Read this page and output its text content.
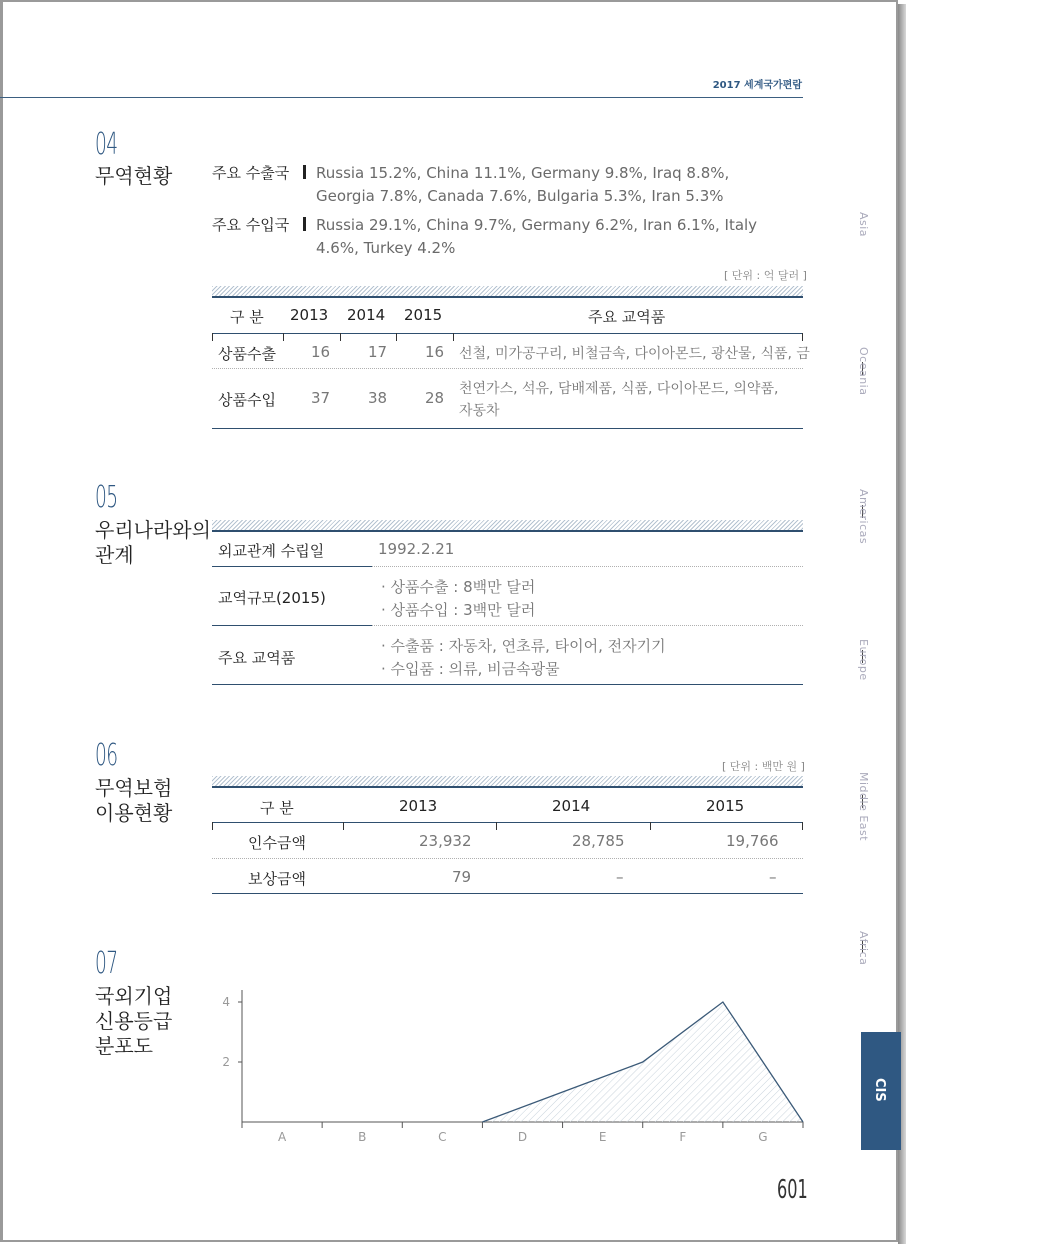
2017 세계국가편람
04
무역현황	주요 수출국	Russia 15.2%, China 11.1%, Germany 9.8%, Iraq 8.8%, Georgia 7.8%, Canada 7.6%, Bulgaria 5.3%, Iran 5.3%
주요 수입국	Russia 29.1%, China 9.7%, Germany 6.2%, Iran 6.1%, Italy 4.6%, Turkey 4.2%
[ 단위 : 억 달러 ]
구 분 2013 2014 2015	주요 교역품
상품수출 16	17	16 선철, 미가공구리, 비철금속, 다이아몬드, 광산물, 식품, 금
상품수입 37	38	28 천연가스, 석유, 담배제품, 식품, 다이아몬드, 의약품,
자동차
05
우리나라와의
관계	외교관계 수립일	1992.2.21
교역규모(2015)
· 상품수출 : 8백만 달러
· 상품수입 : 3백만 달러
주요 교역품
· 수출품 : 자동차, 연초류, 타이어, 전자기기
· 수입품 : 의류, 비금속광물
06
무역보험
이용현황
[ 단위 : 백만 원 ]
구 분	2013	2014	2015
인수금액	23,932	28,785	19,766
보상금액	79	–	–
07
국외기업
신용등급
분포도
A	B	C	D	E	F	G
2
4
Asia
Oceania
Americas
Europe
Middle East
Africa
CIS
601
